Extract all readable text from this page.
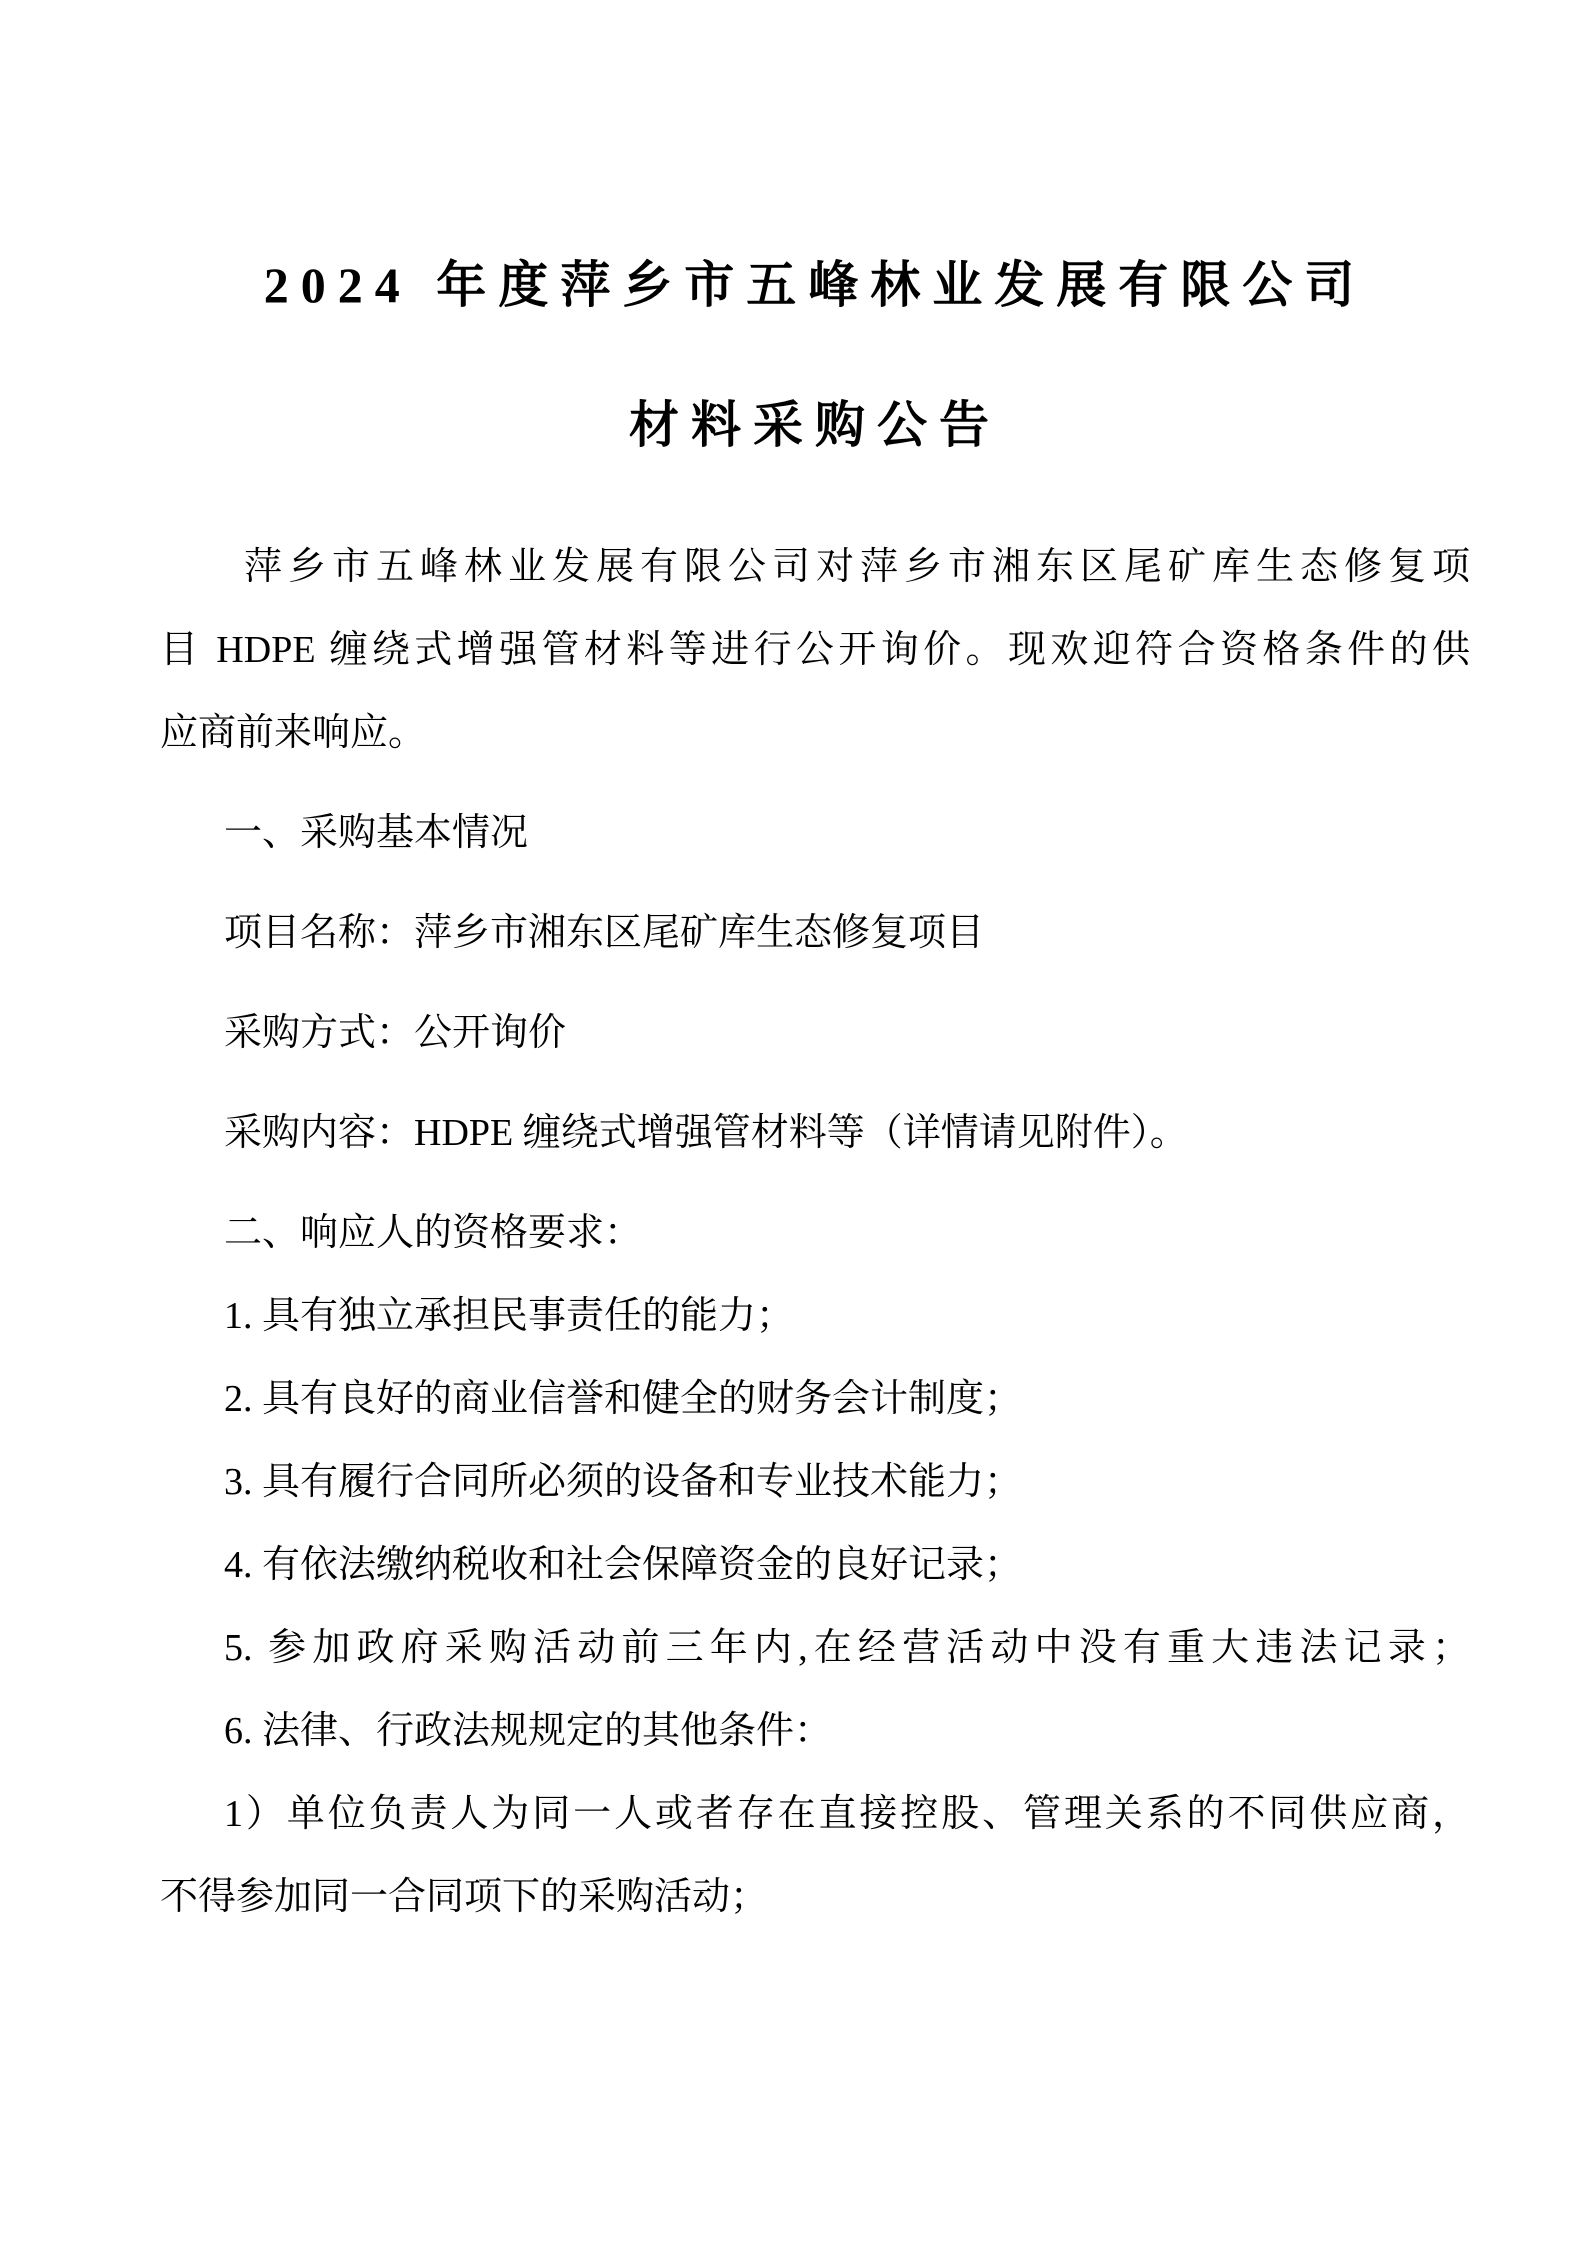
2024 年度萍乡市五峰林业发展有限公司
材料采购公告
萍乡市五峰林业发展有限公司对萍乡市湘东区尾矿库生态修复项
目 HDPE 缠绕式增强管材料等进行公开询价。现欢迎符合资格条件的供
应商前来响应。
一、采购基本情况
项目名称：萍乡市湘东区尾矿库生态修复项目
采购方式：公开询价
采购内容：HDPE 缠绕式增强管材料等（详情请见附件）。
二、响应人的资格要求：
1. 具有独立承担民事责任的能力；
2. 具有良好的商业信誉和健全的财务会计制度；
3. 具有履行合同所必须的设备和专业技术能力；
4. 有依法缴纳税收和社会保障资金的良好记录；
5. 参加政府采购活动前三年内,在经营活动中没有重大违法记录；
6. 法律、行政法规规定的其他条件：
1）单位负责人为同一人或者存在直接控股、管理关系的不同供应商，
不得参加同一合同项下的采购活动；
